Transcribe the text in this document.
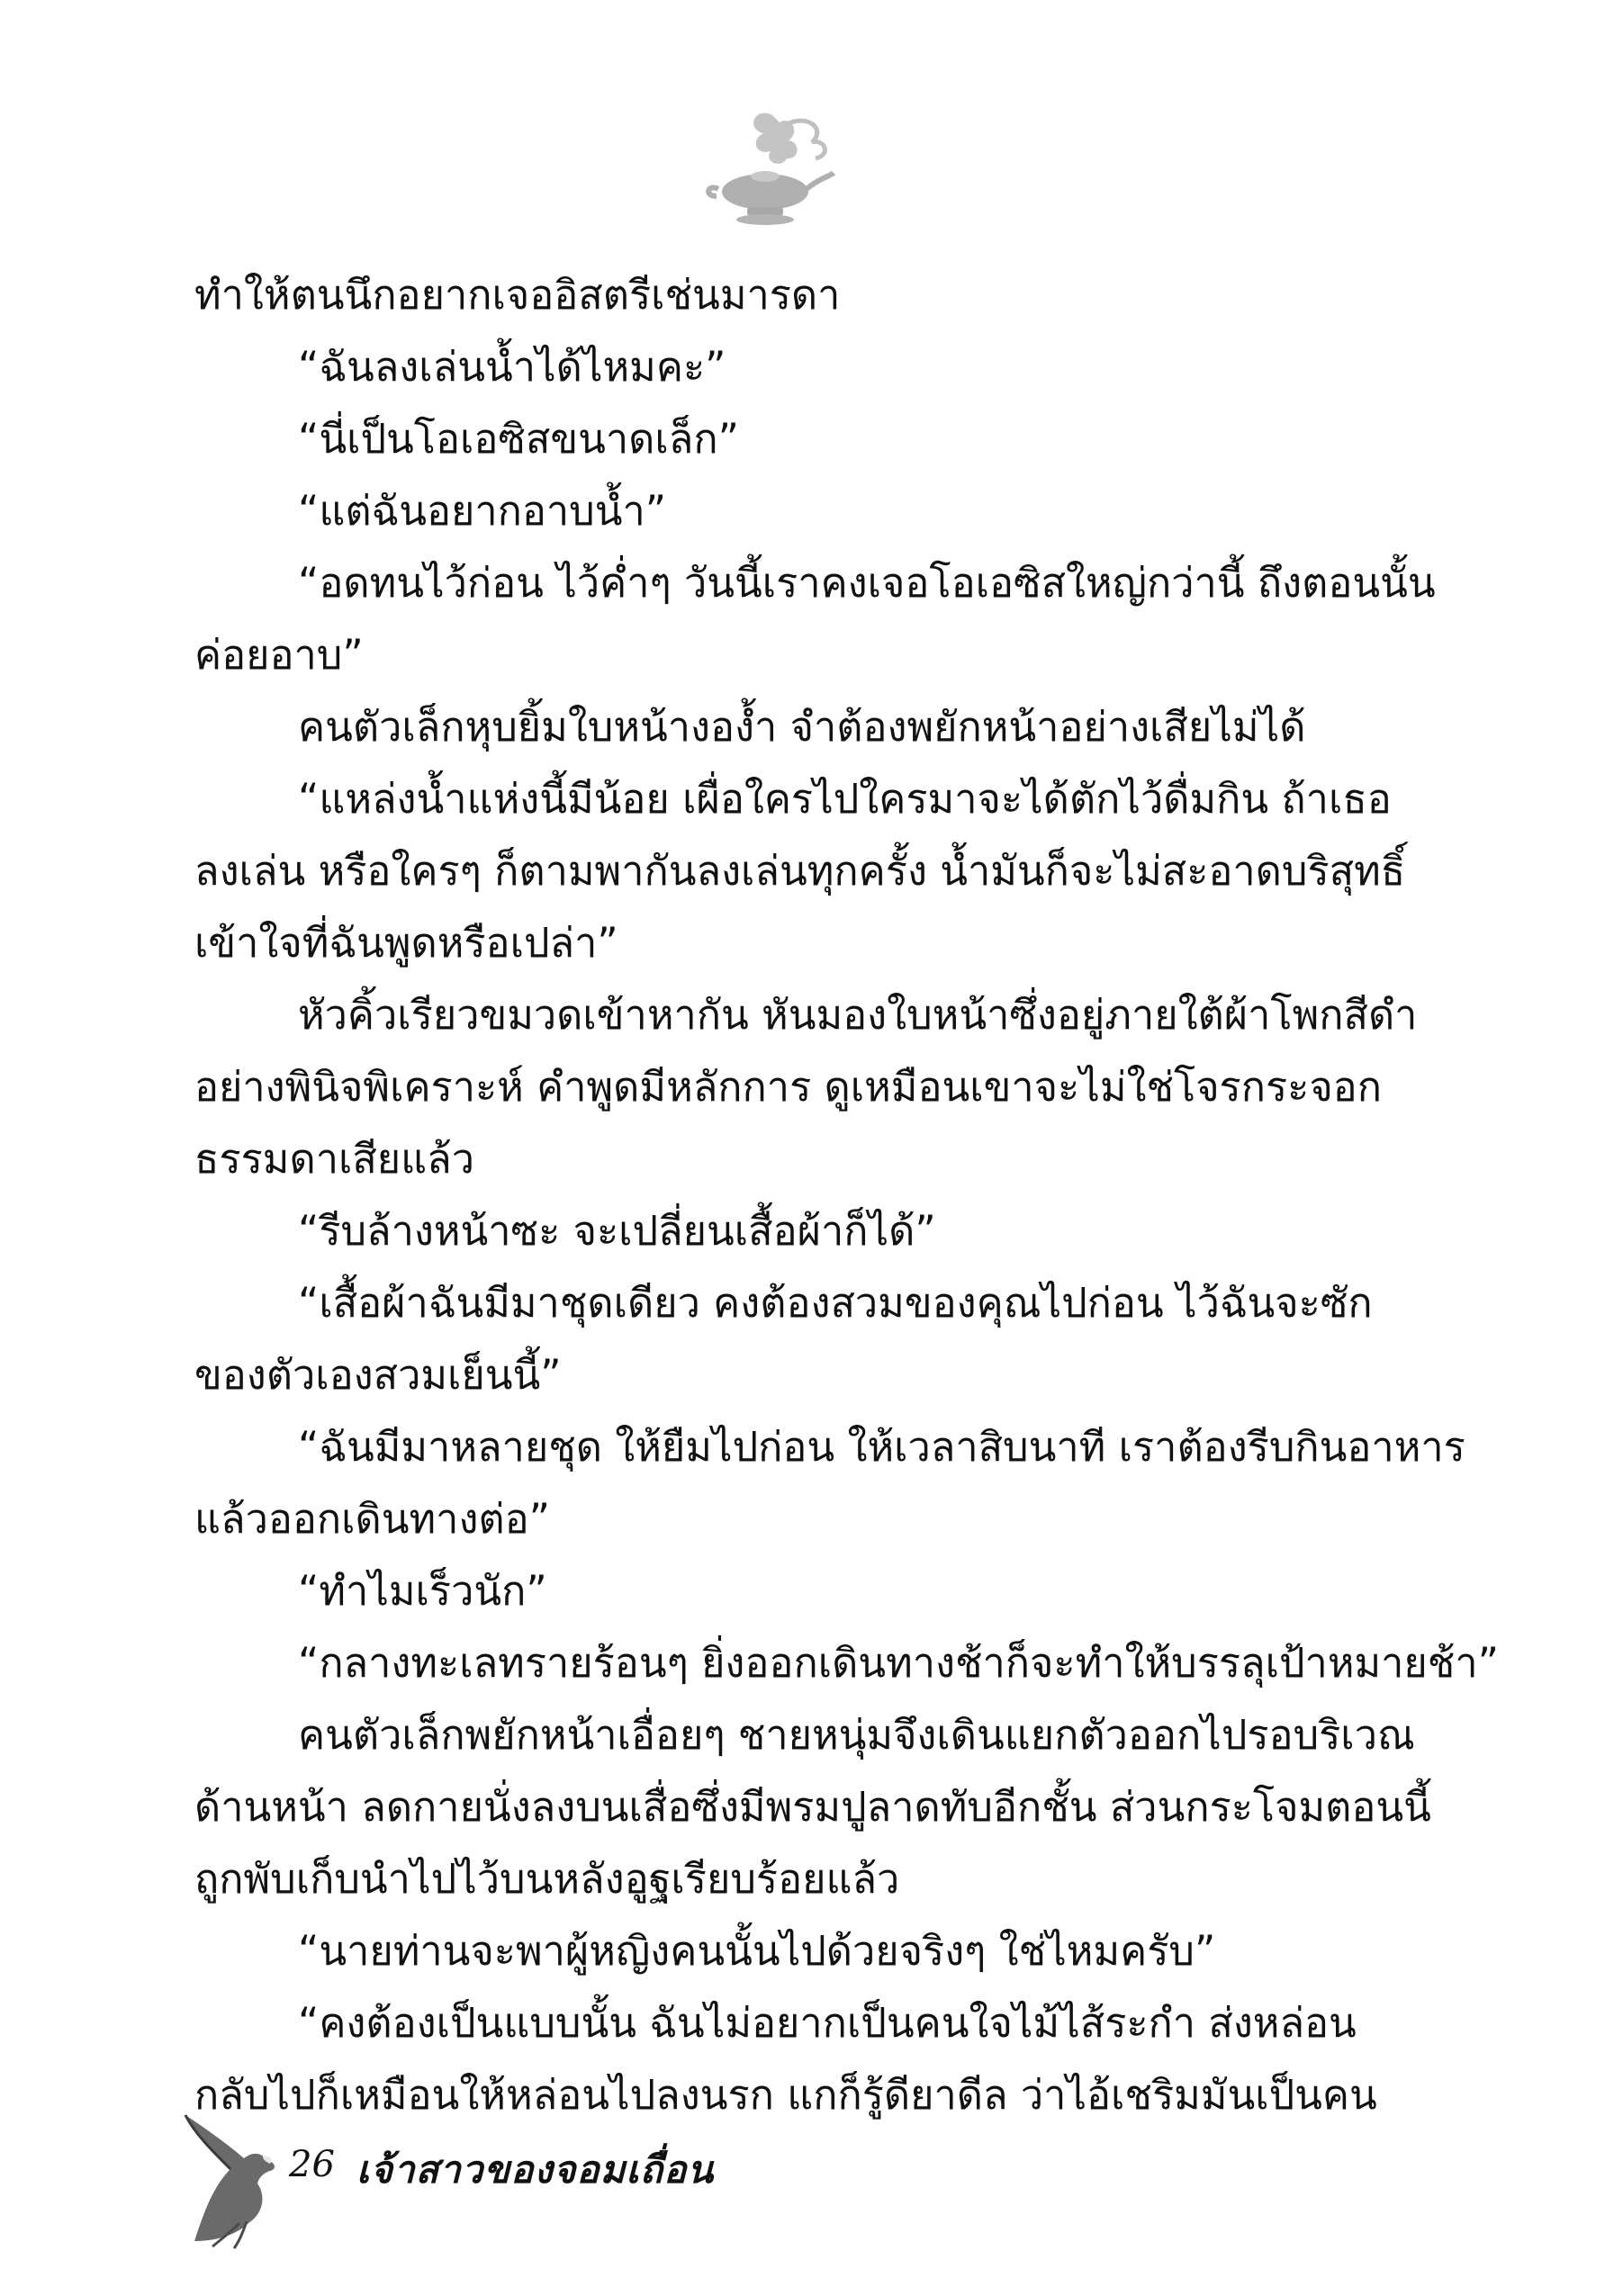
ทำให้ตนนึกอยากเจออิสตรีเช่นมารดา
“ฉันลงเล่นน้ำได้ไหมคะ”
“นี่เป็นโอเอซิสขนาดเล็ก”
“แต่ฉันอยากอาบน้ำ”
“อดทนไว้ก่อน ไว้ค่ำๆ วันนี้เราคงเจอโอเอซิสใหญ่กว่านี้ ถึงตอนนั้น
ค่อยอาบ”
คนตัวเล็กหุบยิ้มใบหน้างอง้ำ จำต้องพยักหน้าอย่างเสียไม่ได้
“แหล่งน้ำแห่งนี้มีน้อย เผื่อใครไปใครมาจะได้ตักไว้ดื่มกิน ถ้าเธอ
ลงเล่น หรือใครๆ ก็ตามพากันลงเล่นทุกครั้ง น้ำมันก็จะไม่สะอาดบริสุทธิ์
เข้าใจที่ฉันพูดหรือเปล่า”
หัวคิ้วเรียวขมวดเข้าหากัน หันมองใบหน้าซึ่งอยู่ภายใต้ผ้าโพกสีดำ
อย่างพินิจพิเคราะห์ คำพูดมีหลักการ ดูเหมือนเขาจะไม่ใช่โจรกระจอก
ธรรมดาเสียแล้ว
“รีบล้างหน้าซะ จะเปลี่ยนเสื้อผ้าก็ได้”
“เสื้อผ้าฉันมีมาชุดเดียว คงต้องสวมของคุณไปก่อน ไว้ฉันจะซัก
ของตัวเองสวมเย็นนี้”
“ฉันมีมาหลายชุด ให้ยืมไปก่อน ให้เวลาสิบนาที เราต้องรีบกินอาหาร
แล้วออกเดินทางต่อ”
“ทำไมเร็วนัก”
“กลางทะเลทรายร้อนๆ ยิ่งออกเดินทางช้าก็จะทำให้บรรลุเป้าหมายช้า”
คนตัวเล็กพยักหน้าเอื่อยๆ ชายหนุ่มจึงเดินแยกตัวออกไปรอบริเวณ
ด้านหน้า ลดกายนั่งลงบนเสื่อซึ่งมีพรมปูลาดทับอีกชั้น ส่วนกระโจมตอนนี้
ถูกพับเก็บนำไปไว้บนหลังอูฐเรียบร้อยแล้ว
“นายท่านจะพาผู้หญิงคนนั้นไปด้วยจริงๆ ใช่ไหมครับ”
“คงต้องเป็นแบบนั้น ฉันไม่อยากเป็นคนใจไม้ไส้ระกำ ส่งหล่อน
กลับไปก็เหมือนให้หล่อนไปลงนรก แกก็รู้ดียาดีล ว่าไอ้เชริมมันเป็นคน
26 เจ้าสาวของจอมเถื่อน
